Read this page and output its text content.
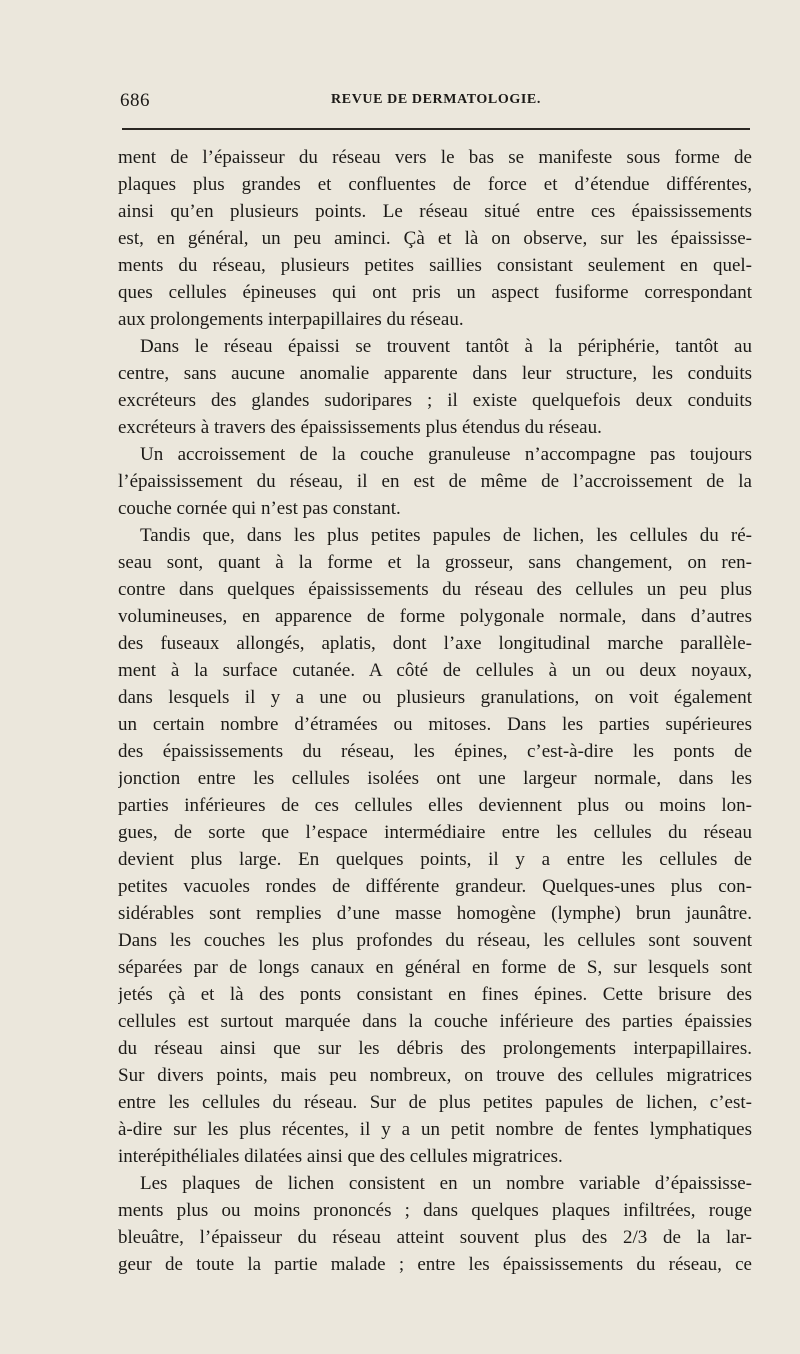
686	REVUE DE DERMATOLOGIE.
ment de l’épaisseur du réseau vers le bas se manifeste sous forme de
plaques plus grandes et confluentes de force et d’étendue différentes,
ainsi qu’en plusieurs points. Le réseau situé entre ces épaississements
est, en général, un peu aminci. Çà et là on observe, sur les épaississe-
ments du réseau, plusieurs petites saillies consistant seulement en quel-
ques cellules épineuses qui ont pris un aspect fusiforme correspondant
aux prolongements interpapillaires du réseau.
Dans le réseau épaissi se trouvent tantôt à la périphérie, tantôt au
centre, sans aucune anomalie apparente dans leur structure, les conduits
excréteurs des glandes sudoripares ; il existe quelquefois deux conduits
excréteurs à travers des épaississements plus étendus du réseau.
Un accroissement de la couche granuleuse n’accompagne pas toujours
l’épaississement du réseau, il en est de même de l’accroissement de la
couche cornée qui n’est pas constant.
Tandis que, dans les plus petites papules de lichen, les cellules du ré-
seau sont, quant à la forme et la grosseur, sans changement, on ren-
contre dans quelques épaississements du réseau des cellules un peu plus
volumineuses, en apparence de forme polygonale normale, dans d’autres
des fuseaux allongés, aplatis, dont l’axe longitudinal marche parallèle-
ment à la surface cutanée. A côté de cellules à un ou deux noyaux,
dans lesquels il y a une ou plusieurs granulations, on voit également
un certain nombre d’étramées ou mitoses. Dans les parties supérieures
des épaississements du réseau, les épines, c’est-à-dire les ponts de
jonction entre les cellules isolées ont une largeur normale, dans les
parties inférieures de ces cellules elles deviennent plus ou moins lon-
gues, de sorte que l’espace intermédiaire entre les cellules du réseau
devient plus large. En quelques points, il y a entre les cellules de
petites vacuoles rondes de différente grandeur. Quelques-unes plus con-
sidérables sont remplies d’une masse homogène (lymphe) brun jaunâtre.
Dans les couches les plus profondes du réseau, les cellules sont souvent
séparées par de longs canaux en général en forme de S, sur lesquels sont
jetés çà et là des ponts consistant en fines épines. Cette brisure des
cellules est surtout marquée dans la couche inférieure des parties épaissies
du réseau ainsi que sur les débris des prolongements interpapillaires.
Sur divers points, mais peu nombreux, on trouve des cellules migratrices
entre les cellules du réseau. Sur de plus petites papules de lichen, c’est-
à-dire sur les plus récentes, il y a un petit nombre de fentes lymphatiques
interépithéliales dilatées ainsi que des cellules migratrices.
Les plaques de lichen consistent en un nombre variable d’épaississe-
ments plus ou moins prononcés ; dans quelques plaques infiltrées, rouge
bleuâtre, l’épaisseur du réseau atteint souvent plus des 2/3 de la lar-
geur de toute la partie malade ; entre les épaississements du réseau, ce
